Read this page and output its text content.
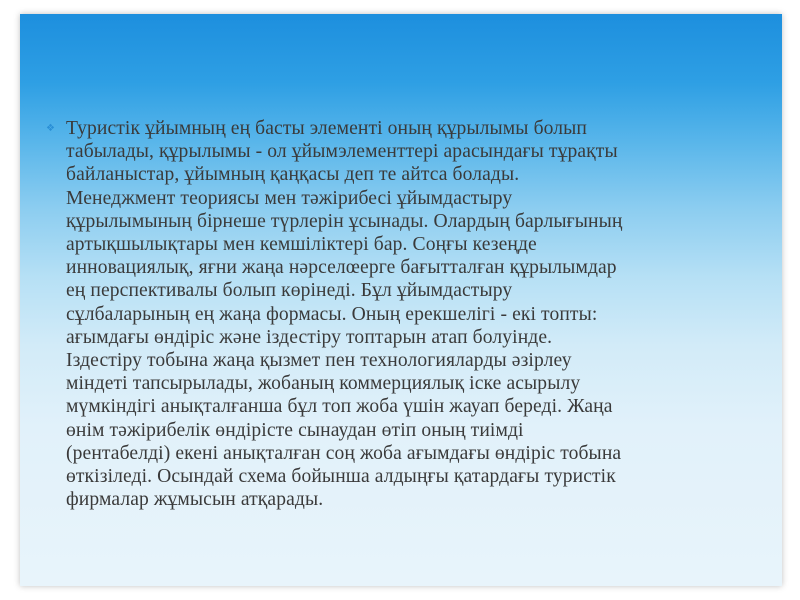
❖ Туристік ұйымның ең басты элементі оның құрылымы болып
табылады, құрылымы - ол ұйымэлементтері арасындағы тұрақты
байланыстар, ұйымның қаңқасы деп те айтса болады.
Менеджмент теориясы мен тәжірибесі ұйымдастыру
құрылымының бірнеше түрлерін ұсынады. Олардың барлығының
артықшылықтары мен кемшіліктері бар. Соңғы кезеңде
инновациялық, яғни жаңа нәрселœерге бағытталған құрылымдар
ең перспективалы болып көрінеді. Бұл ұйымдастыру
сұлбаларының ең жаңа формасы. Оның ерекшелігі - екі топты:
ағымдағы өндіріс және іздестіру топтарын атап болуінде.
Іздестіру тобына жаңа қызмет пен технологияларды әзірлеу
міндеті тапсырылады, жобаның коммерциялық іске асырылу
мүмкіндігі анықталғанша бұл топ жоба үшін жауап береді. Жаңа
өнім тәжірибелік өндірісте сынаудан өтіп оның тиімді
(рентабелді) екені анықталған соң жоба ағымдағы өндіріс тобына
өткізіледі. Осындай схема бойынша алдыңғы қатардағы туристік
фирмалар жұмысын атқарады.
